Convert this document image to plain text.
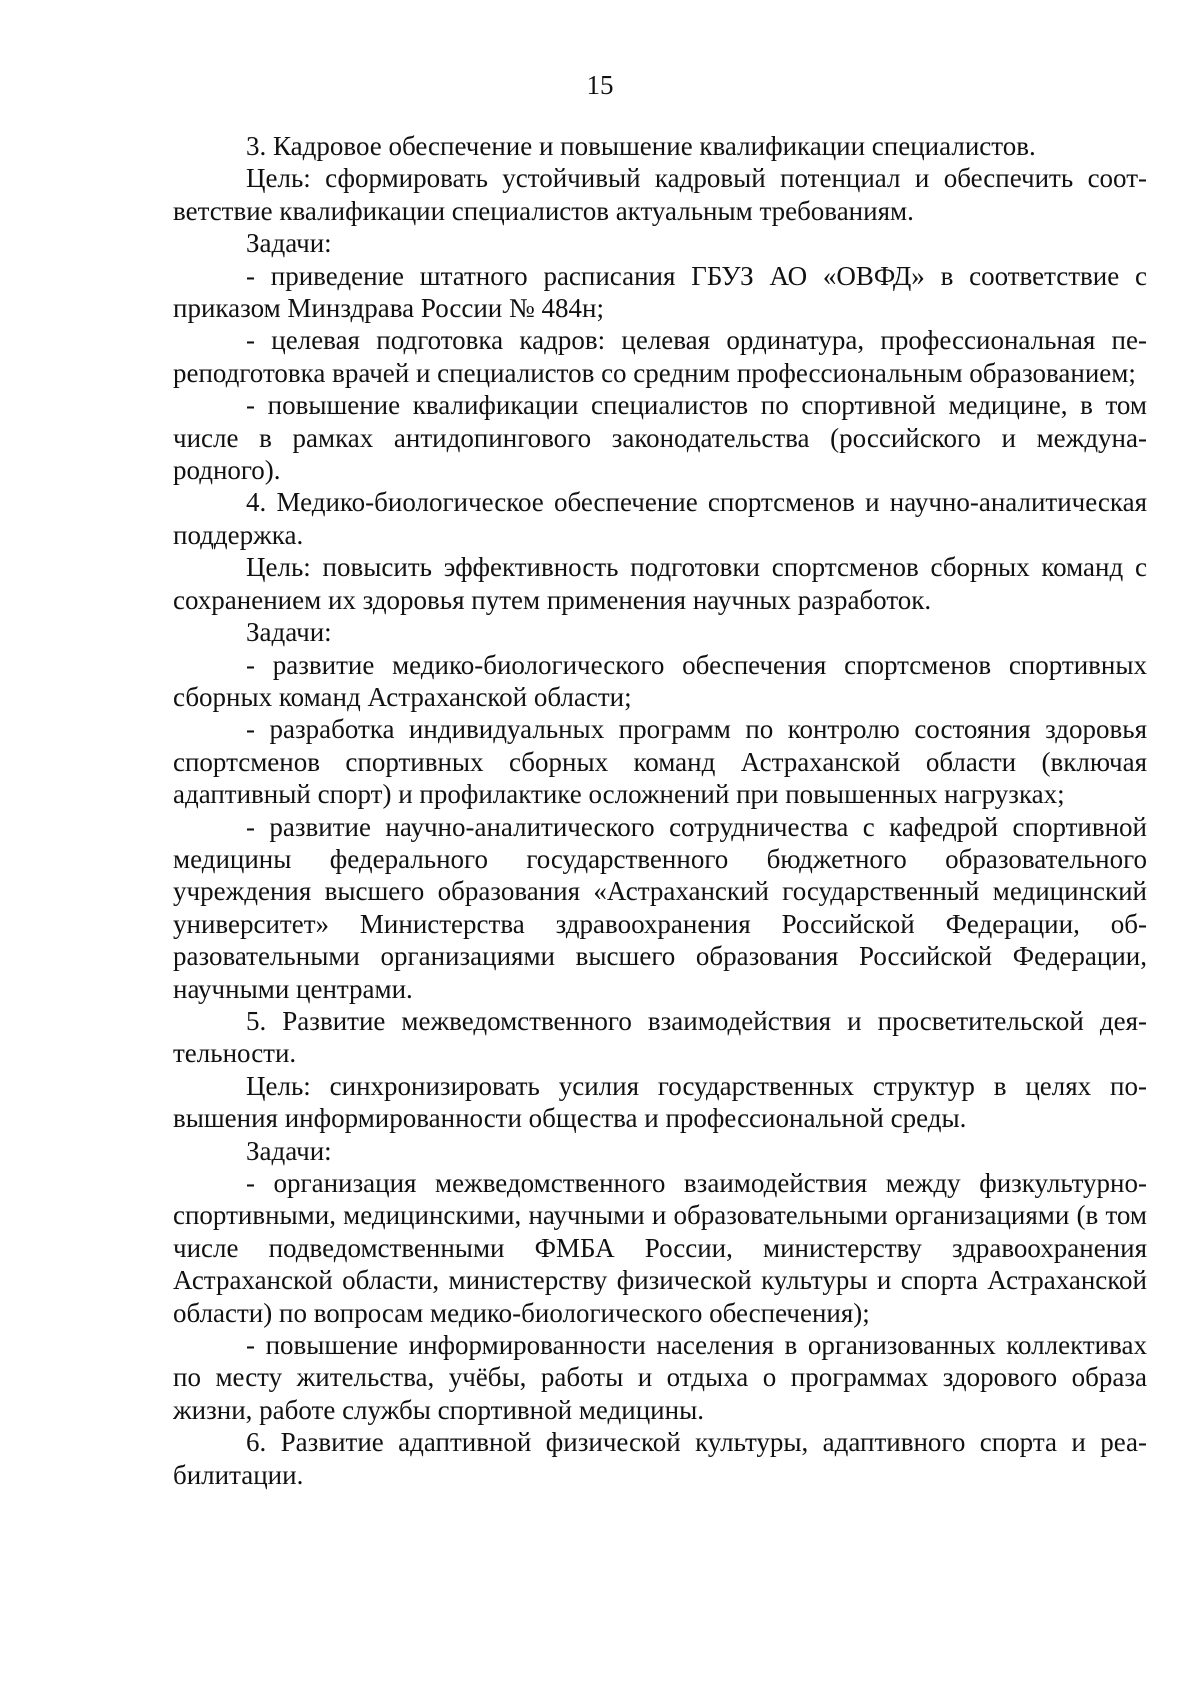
15

3. Кадровое обеспечение и повышение квалификации специалистов.

Цель: сформировать устойчивый кадровый потенциал и обеспечить соответствие квалификации специалистов актуальным требованиям.

Задачи:

- приведение штатного расписания ГБУЗ АО «ОВФД» в соответствие с приказом Минздрава России № 484н;

- целевая подготовка кадров: целевая ординатура, профессиональная переподготовка врачей и специалистов со средним профессиональным образованием;

- повышение квалификации специалистов по спортивной медицине, в том числе в рамках антидопингового законодательства (российского и международного).

4. Медико-биологическое обеспечение спортсменов и научно-аналитическая поддержка.

Цель: повысить эффективность подготовки спортсменов сборных команд с сохранением их здоровья путем применения научных разработок.

Задачи:

- развитие медико-биологического обеспечения спортсменов спортивных сборных команд Астраханской области;

- разработка индивидуальных программ по контролю состояния здоровья спортсменов спортивных сборных команд Астраханской области (включая адаптивный спорт) и профилактике осложнений при повышенных нагрузках;

- развитие научно-аналитического сотрудничества с кафедрой спортивной медицины федерального государственного бюджетного образовательного учреждения высшего образования «Астраханский государственный медицинский университет» Министерства здравоохранения Российской Федерации, образовательными организациями высшего образования Российской Федерации, научными центрами.

5. Развитие межведомственного взаимодействия и просветительской деятельности.

Цель: синхронизировать усилия государственных структур в целях повышения информированности общества и профессиональной среды.

Задачи:

- организация межведомственного взаимодействия между физкультурно-спортивными, медицинскими, научными и образовательными организациями (в том числе подведомственными ФМБА России, министерству здравоохранения Астраханской области, министерству физической культуры и спорта Астраханской области) по вопросам медико-биологического обеспечения);

- повышение информированности населения в организованных коллективах по месту жительства, учёбы, работы и отдыха о программах здорового образа жизни, работе службы спортивной медицины.

6. Развитие адаптивной физической культуры, адаптивного спорта и реабилитации.
